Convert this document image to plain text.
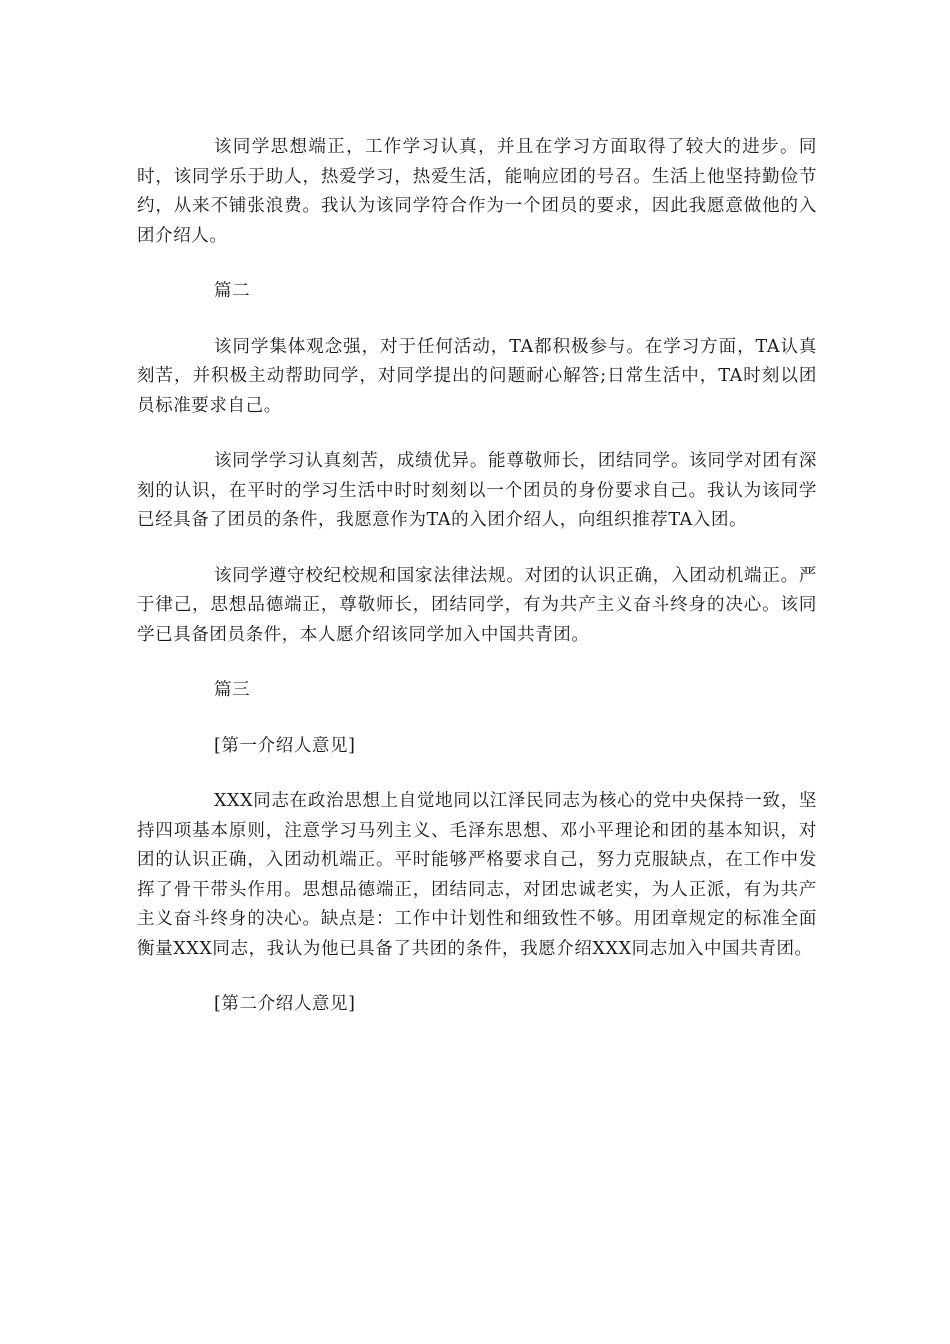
该同学思想端正，工作学习认真，并且在学习方面取得了较大的进步。同时，该同学乐于助人，热爱学习，热爱生活，能响应团的号召。生活上他坚持勤俭节约，从来不铺张浪费。我认为该同学符合作为一个团员的要求，因此我愿意做他的入团介绍人。

篇二

该同学集体观念强，对于任何活动，TA都积极参与。在学习方面，TA认真刻苦，并积极主动帮助同学，对同学提出的问题耐心解答;日常生活中，TA时刻以团员标准要求自己。

该同学学习认真刻苦，成绩优异。能尊敬师长，团结同学。该同学对团有深刻的认识，在平时的学习生活中时时刻刻以一个团员的身份要求自己。我认为该同学已经具备了团员的条件，我愿意作为TA的入团介绍人，向组织推荐TA入团。

该同学遵守校纪校规和国家法律法规。对团的认识正确，入团动机端正。严于律己，思想品德端正，尊敬师长，团结同学，有为共产主义奋斗终身的决心。该同学已具备团员条件，本人愿介绍该同学加入中国共青团。

篇三

[第一介绍人意见]

XXX同志在政治思想上自觉地同以江泽民同志为核心的党中央保持一致，坚持四项基本原则，注意学习马列主义、毛泽东思想、邓小平理论和团的基本知识，对团的认识正确，入团动机端正。平时能够严格要求自己，努力克服缺点，在工作中发挥了骨干带头作用。思想品德端正，团结同志，对团忠诚老实，为人正派，有为共产主义奋斗终身的决心。缺点是：工作中计划性和细致性不够。用团章规定的标准全面衡量XXX同志，我认为他已具备了共团的条件，我愿介绍XXX同志加入中国共青团。

[第二介绍人意见]
